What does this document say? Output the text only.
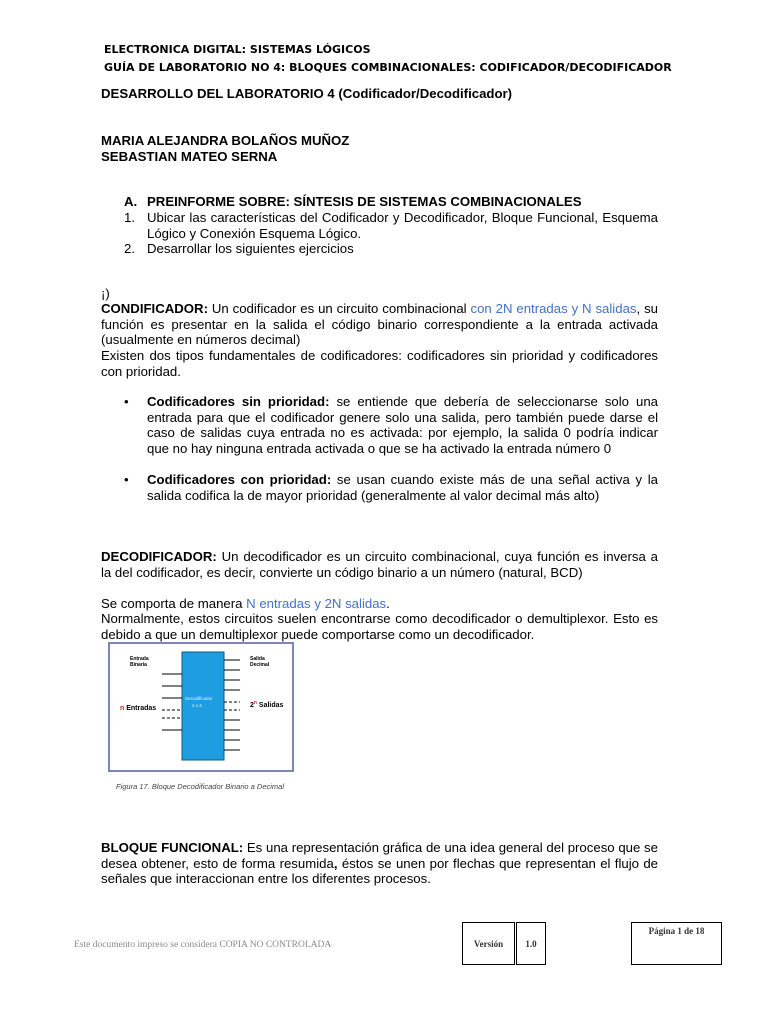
ELECTRONICA DIGITAL: SISTEMAS LÓGICOS
GUÍA DE LABORATORIO NO 4: BLOQUES COMBINACIONALES: CODIFICADOR/DECODIFICADOR
DESARROLLO DEL LABORATORIO 4 (Codificador/Decodificador)
MARIA ALEJANDRA BOLAÑOS MUÑOZ
SEBASTIAN MATEO SERNA
A. PREINFORME SOBRE: SÍNTESIS DE SISTEMAS COMBINACIONALES
1. Ubicar las características del Codificador y Decodificador, Bloque Funcional, Esquema Lógico y Conexión Esquema Lógico.
2. Desarrollar los siguientes ejercicios
¡)
CONDIFICADOR: Un codificador es un circuito combinacional con 2N entradas y N salidas, su función es presentar en la salida el código binario correspondiente a la entrada activada (usualmente en números decimal)
Existen dos tipos fundamentales de codificadores: codificadores sin prioridad y codificadores con prioridad.
• Codificadores sin prioridad: se entiende que debería de seleccionarse solo una entrada para que el codificador genere solo una salida, pero también puede darse el caso de salidas cuya entrada no es activada: por ejemplo, la salida 0 podría indicar que no hay ninguna entrada activada o que se ha activado la entrada número 0
• Codificadores con prioridad: se usan cuando existe más de una señal activa y la salida codifica la de mayor prioridad (generalmente al valor decimal más alto)
DECODIFICADOR: Un decodificador es un circuito combinacional, cuya función es inversa a la del codificador, es decir, convierte un código binario a un número (natural, BCD)
Se comporta de manera N entradas y 2N salidas.
Normalmente, estos circuitos suelen encontrarse como decodificador o demultiplexor. Esto es debido a que un demultiplexor puede comportarse como un decodificador.
Entrada
Binaria
Salida
Decimal
Decodificador
n x 2
n Entradas	2$^n$ Salidas
Figura 17. Bloque Decodificador Binario a Decimal
BLOQUE FUNCIONAL: Es una representación gráfica de una idea general del proceso que se desea obtener, esto de forma resumida, éstos se unen por flechas que representan el flujo de señales que interaccionan entre los diferentes procesos.
Este documento impreso se considera COPIA NO CONTROLADA	Versión 1.0
Página 1 de 18
